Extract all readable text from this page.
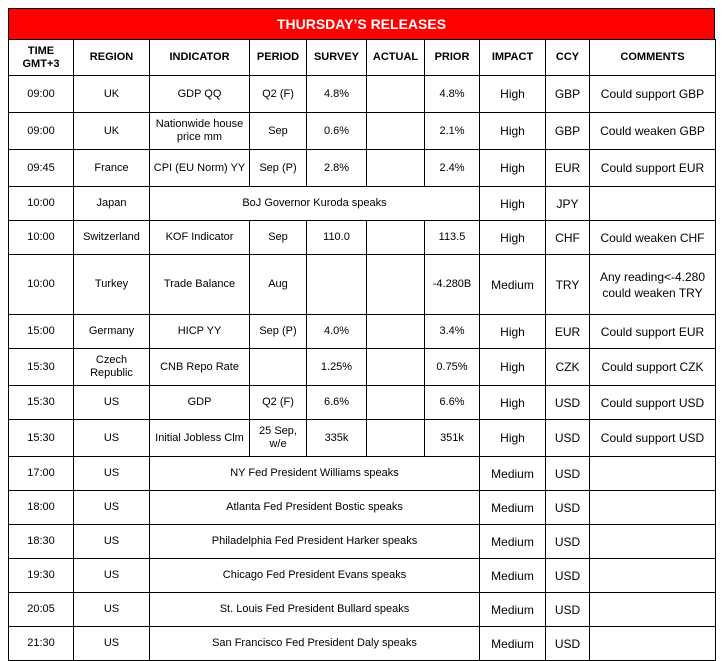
THURSDAY’S RELEASES
TIME GMT+3	REGION	INDICATOR	PERIOD	SURVEY	ACTUAL	PRIOR	IMPACT	CCY	COMMENTS
09:00	UK	GDP QQ	Q2 (F)	4.8%		4.8%	High	GBP	Could support GBP
09:00	UK	Nationwide house price mm	Sep	0.6%		2.1%	High	GBP	Could weaken GBP
09:45	France	CPI (EU Norm) YY	Sep (P)	2.8%		2.4%	High	EUR	Could support EUR
10:00	Japan	BoJ Governor Kuroda speaks					High	JPY	
10:00	Switzerland	KOF Indicator	Sep	110.0		113.5	High	CHF	Could weaken CHF
10:00	Turkey	Trade Balance	Aug			-4.280B	Medium	TRY	Any reading<-4.280 could weaken TRY
15:00	Germany	HICP YY	Sep (P)	4.0%		3.4%	High	EUR	Could support EUR
15:30	Czech Republic	CNB Repo Rate		1.25%		0.75%	High	CZK	Could support CZK
15:30	US	GDP	Q2 (F)	6.6%		6.6%	High	USD	Could support USD
15:30	US	Initial Jobless Clm	25 Sep, w/e	335k		351k	High	USD	Could support USD
17:00	US	NY Fed President Williams speaks					Medium	USD	
18:00	US	Atlanta Fed President Bostic speaks					Medium	USD	
18:30	US	Philadelphia Fed President Harker speaks					Medium	USD	
19:30	US	Chicago Fed President Evans speaks					Medium	USD	
20:05	US	St. Louis Fed President Bullard speaks					Medium	USD	
21:30	US	San Francisco Fed President Daly speaks					Medium	USD	
